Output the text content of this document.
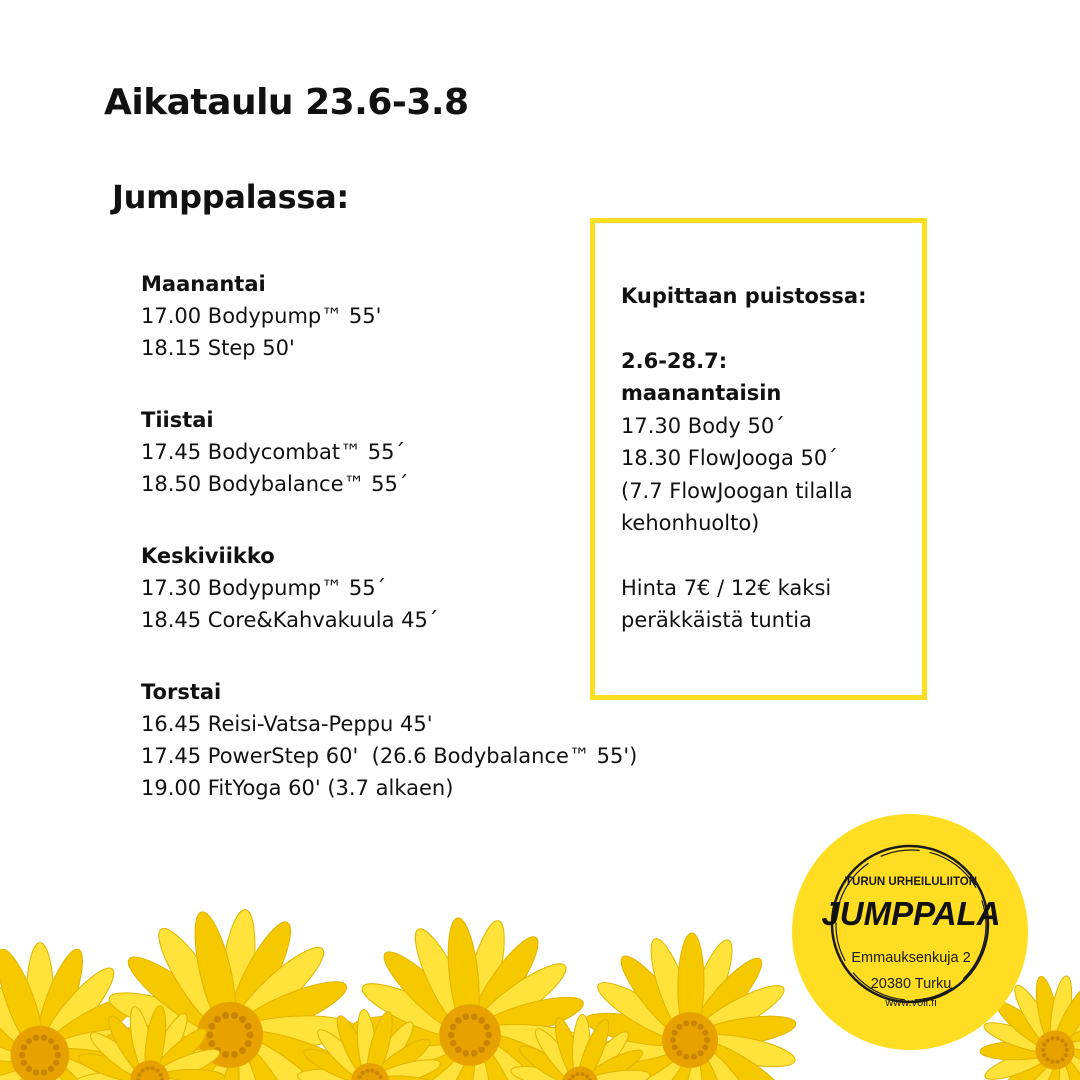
Aikataulu 23.6-3.8
Jumppalassa:
Maanantai
17.00 Bodypump™ 55'
18.15 Step 50'
Tiistai
17.45 Bodycombat™ 55´
18.50 Bodybalance™ 55´
Keskiviikko
17.30 Bodypump™ 55´
18.45 Core&Kahvakuula 45´
Torstai
16.45 Reisi-Vatsa-Peppu 45'
17.45 PowerStep 60'  (26.6 Bodybalance™ 55')
19.00 FitYoga 60' (3.7 alkaen)
Kupittaan puistossa:
2.6-28.7:
maanantaisin
17.30 Body 50´
18.30 FlowJooga 50´
(7.7 FlowJoogan tilalla
kehonhuolto)
Hinta 7€ / 12€ kaksi
peräkkäistä tuntia
TURUN URHEILULIITON
JUMPPALA
Emmauksenkuja 2
20380 Turku
www.voli.fi
